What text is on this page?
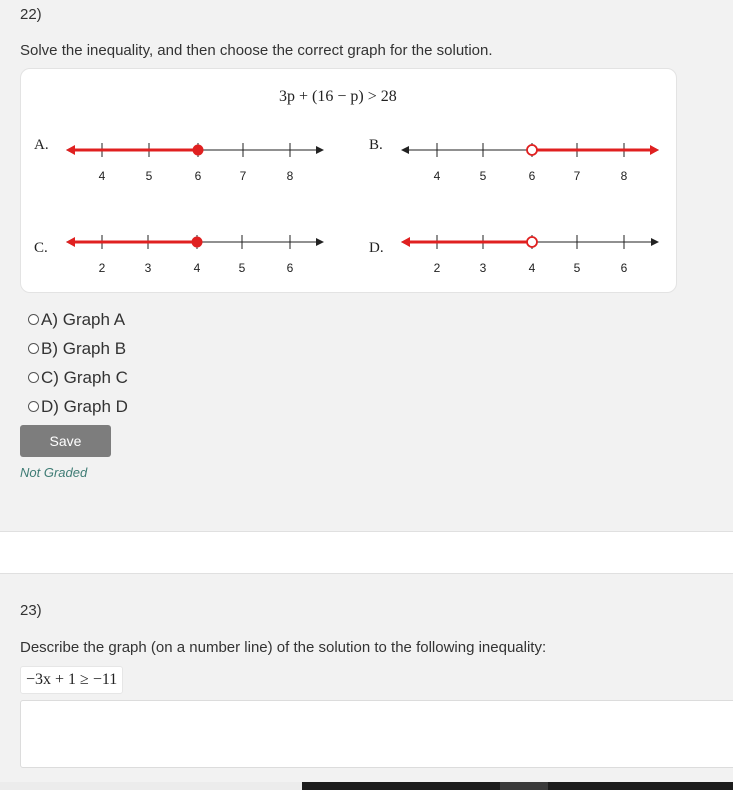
22)
Solve the inequality, and then choose the correct graph for the solution.
3p + (16 − p) > 28
A.
4	5	6	7	8
B.
4	5	6	7	8
C.
2	3	4	5	6
D.
2	3	4	5	6
A) Graph A
B) Graph B
C) Graph C
D) Graph D
Save
Not Graded
23)
Describe the graph (on a number line) of the solution to the following inequality:
−3x + 1 ≥ −11
